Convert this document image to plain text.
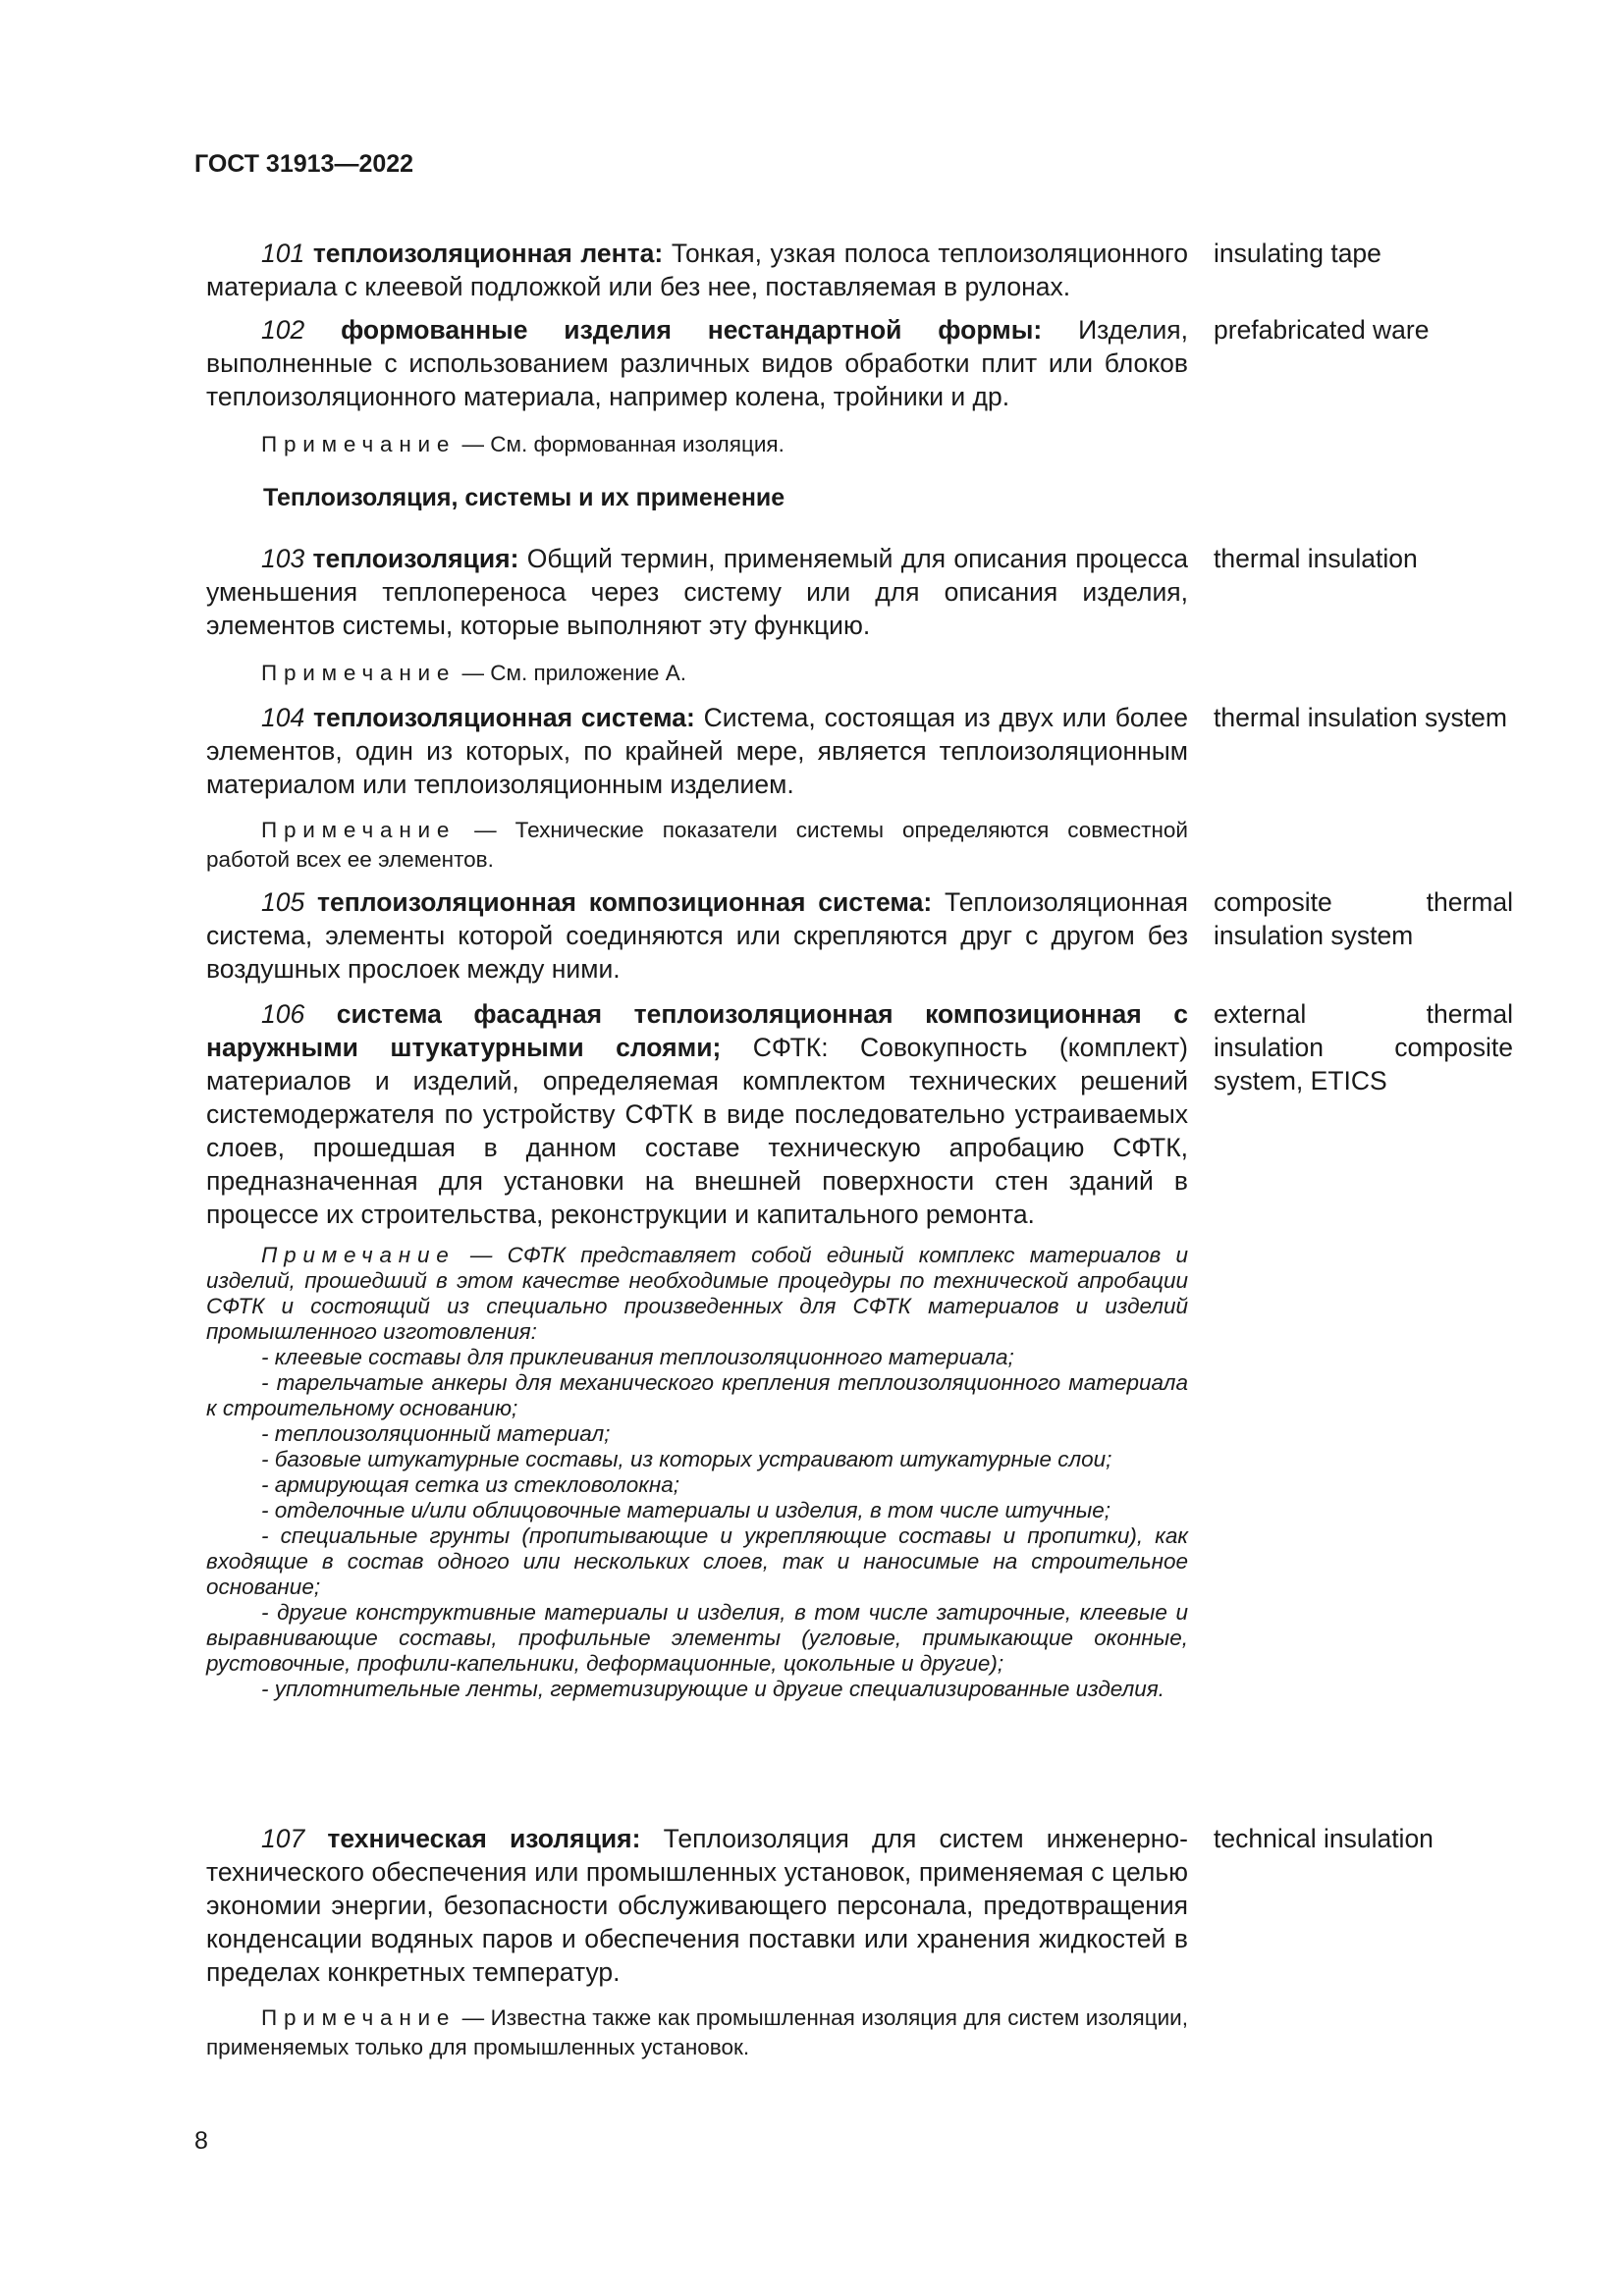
ГОСТ 31913—2022

101 теплоизоляционная лента: Тонкая, узкая полоса теплоизоляционного материала с клеевой подложкой или без нее, поставляемая в рулонах.

insulating tape

102 формованные изделия нестандартной формы: Изделия, выполненные с использованием различных видов обработки плит или блоков теплоизоляционного материала, например колена, тройники и др.

prefabricated ware

Примечание — См. формованная изоляция.

Теплоизоляция, системы и их применение

103 теплоизоляция: Общий термин, применяемый для описания процесса уменьшения теплопереноса через систему или для описания изделия, элементов системы, которые выполняют эту функцию.

thermal insulation

Примечание — См. приложение А.

104 теплоизоляционная система: Система, состоящая из двух или более элементов, один из которых, по крайней мере, является теплоизоляционным материалом или теплоизоляционным изделием.

thermal insulation system

Примечание — Технические показатели системы определяются совместной работой всех ее элементов.

105 теплоизоляционная композиционная система: Теплоизоляционная система, элементы которой соединяются или скрепляются друг с другом без воздушных прослоек между ними.

composite thermal insulation system

106 система фасадная теплоизоляционная композиционная с наружными штукатурными слоями; СФТК: Совокупность (комплект) материалов и изделий, определяемая комплектом технических решений системодержателя по устройству СФТК в виде последовательно устраиваемых слоев, прошедшая в данном составе техническую апробацию СФТК, предназначенная для установки на внешней поверхности стен зданий в процессе их строительства, реконструкции и капитального ремонта.

external thermal insulation composite system, ETICS

Примечание — СФТК представляет собой единый комплекс материалов и изделий, прошедший в этом качестве необходимые процедуры по технической апробации СФТК и состоящий из специально произведенных для СФТК материалов и изделий промышленного изготовления:

- клеевые составы для приклеивания теплоизоляционного материала;

- тарельчатые анкеры для механического крепления теплоизоляционного материала к строительному основанию;

- теплоизоляционный материал;

- базовые штукатурные составы, из которых устраивают штукатурные слои;

- армирующая сетка из стекловолокна;

- отделочные и/или облицовочные материалы и изделия, в том числе штучные;

- специальные грунты (пропитывающие и укрепляющие составы и пропитки), как входящие в состав одного или нескольких слоев, так и наносимые на строительное основание;

- другие конструктивные материалы и изделия, в том числе затирочные, клеевые и выравнивающие составы, профильные элементы (угловые, примыкающие оконные, рустовочные, профили-капельники, деформационные, цокольные и другие);

- уплотнительные ленты, герметизирующие и другие специализированные изделия.

107 техническая изоляция: Теплоизоляция для систем инженерно-технического обеспечения или промышленных установок, применяемая с целью экономии энергии, безопасности обслуживающего персонала, предотвращения конденсации водяных паров и обеспечения поставки или хранения жидкостей в пределах конкретных температур.

technical insulation

Примечание — Известна также как промышленная изоляция для систем изоляции, применяемых только для промышленных установок.

8
